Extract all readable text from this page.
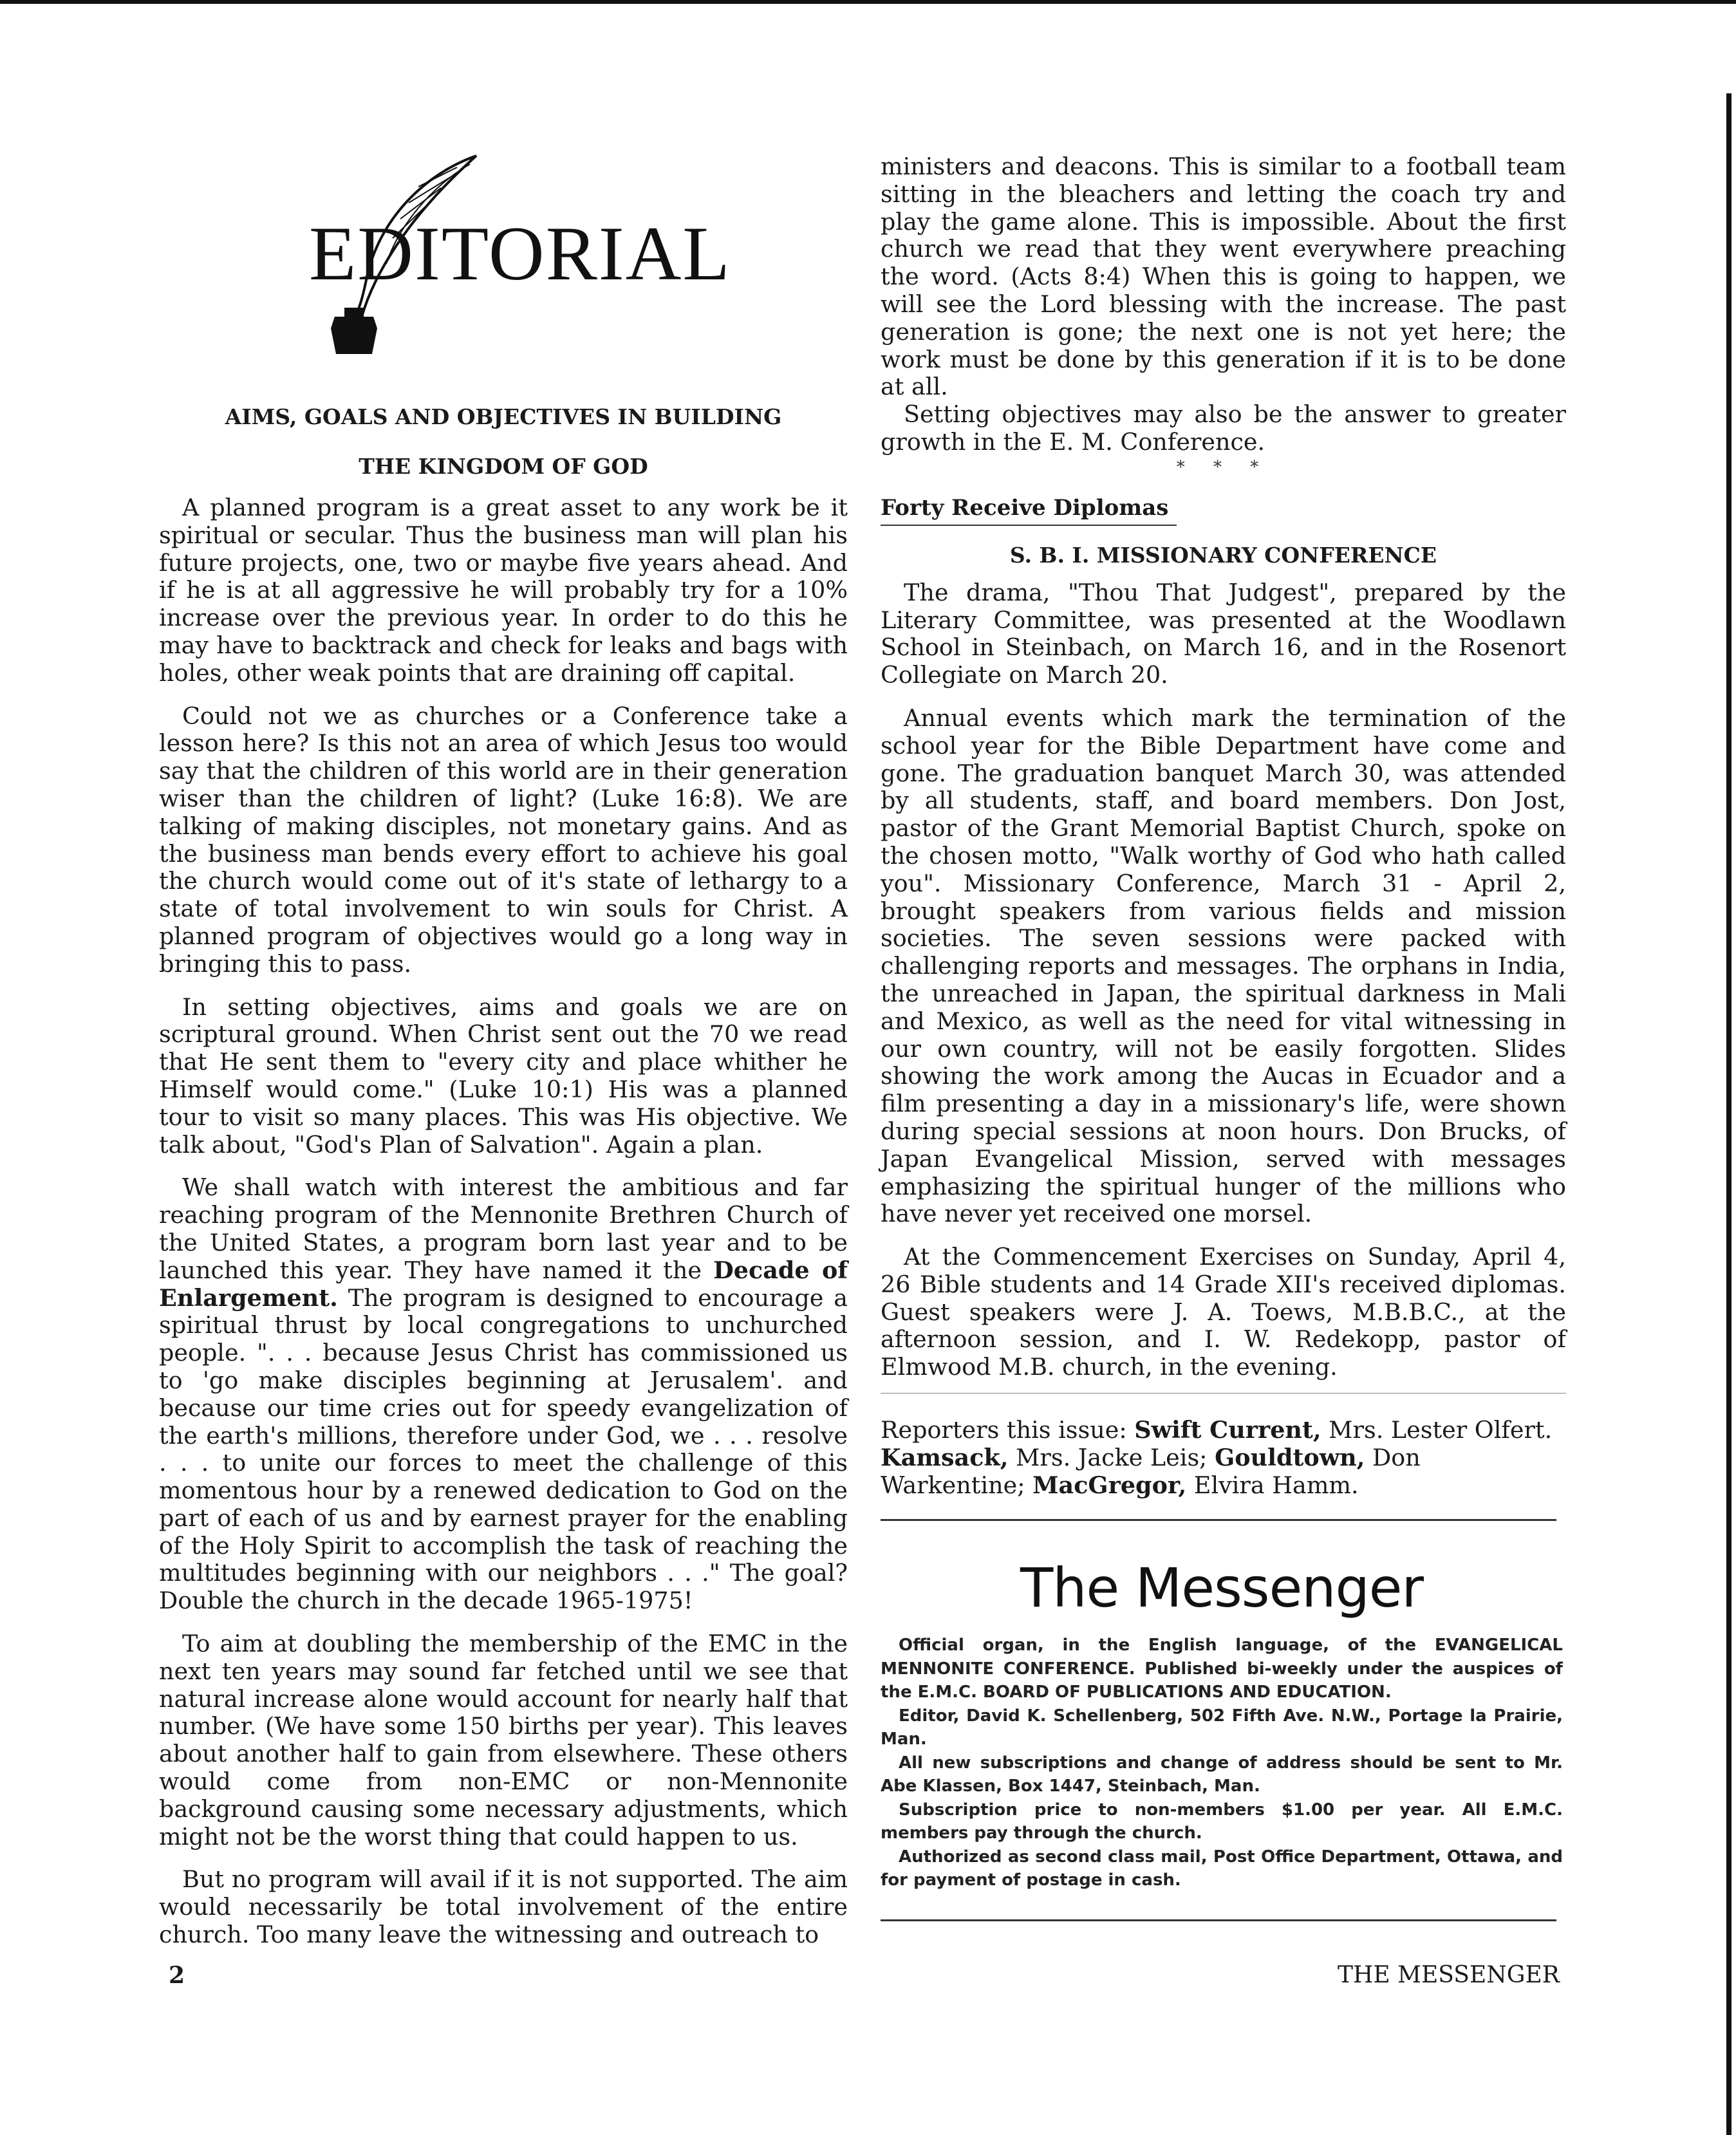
EDITORIAL

AIMS, GOALS AND OBJECTIVES IN BUILDING

THE KINGDOM OF GOD

A planned program is a great asset to any work be it spiritual or secular. Thus the business man will plan his future projects, one, two or maybe five years ahead. And if he is at all aggressive he will probably try for a 10% increase over the previous year. In order to do this he may have to backtrack and check for leaks and bags with holes, other weak points that are draining off capital.

Could not we as churches or a Conference take a lesson here? Is this not an area of which Jesus too would say that the children of this world are in their generation wiser than the children of light? (Luke 16:8). We are talking of making disciples, not monetary gains. And as the business man bends every effort to achieve his goal the church would come out of it's state of lethargy to a state of total involvement to win souls for Christ. A planned program of objectives would go a long way in bringing this to pass.

In setting objectives, aims and goals we are on scriptural ground. When Christ sent out the 70 we read that He sent them to "every city and place whither he Himself would come." (Luke 10:1) His was a planned tour to visit so many places. This was His objective. We talk about, "God's Plan of Salvation". Again a plan.

We shall watch with interest the ambitious and far reaching program of the Mennonite Brethren Church of the United States, a program born last year and to be launched this year. They have named it the Decade of Enlargement. The program is designed to encourage a spiritual thrust by local congregations to unchurched people. ". . . because Jesus Christ has commissioned us to 'go make disciples beginning at Jerusalem'. and because our time cries out for speedy evangelization of the earth's millions, therefore under God, we . . . resolve . . . to unite our forces to meet the challenge of this momentous hour by a renewed dedication to God on the part of each of us and by earnest prayer for the enabling of the Holy Spirit to accomplish the task of reaching the multitudes beginning with our neighbors . . ." The goal? Double the church in the decade 1965-1975!

To aim at doubling the membership of the EMC in the next ten years may sound far fetched until we see that natural increase alone would account for nearly half that number. (We have some 150 births per year). This leaves about another half to gain from elsewhere. These others would come from non-EMC or non-Mennonite background causing some necessary adjustments, which might not be the worst thing that could happen to us.

But no program will avail if it is not supported. The aim would necessarily be total involvement of the entire church. Too many leave the witnessing and outreach to

ministers and deacons. This is similar to a football team sitting in the bleachers and letting the coach try and play the game alone. This is impossible. About the first church we read that they went everywhere preaching the word. (Acts 8:4) When this is going to happen, we will see the Lord blessing with the increase. The past generation is gone; the next one is not yet here; the work must be done by this generation if it is to be done at all.

Setting objectives may also be the answer to greater growth in the E. M. Conference.

* * *
Forty Receive Diplomas

S. B. I. MISSIONARY CONFERENCE

The drama, "Thou That Judgest", prepared by the Literary Committee, was presented at the Woodlawn School in Steinbach, on March 16, and in the Rosenort Collegiate on March 20.

Annual events which mark the termination of the school year for the Bible Department have come and gone. The graduation banquet March 30, was attended by all students, staff, and board members. Don Jost, pastor of the Grant Memorial Baptist Church, spoke on the chosen motto, "Walk worthy of God who hath called you". Missionary Conference, March 31 - April 2, brought speakers from various fields and mission societies. The seven sessions were packed with challenging reports and messages. The orphans in India, the unreached in Japan, the spiritual darkness in Mali and Mexico, as well as the need for vital witnessing in our own country, will not be easily forgotten. Slides showing the work among the Aucas in Ecuador and a film presenting a day in a missionary's life, were shown during special sessions at noon hours. Don Brucks, of Japan Evangelical Mission, served with messages emphasizing the spiritual hunger of the millions who have never yet received one morsel.

At the Commencement Exercises on Sunday, April 4, 26 Bible students and 14 Grade XII's received diplomas. Guest speakers were J. A. Toews, M.B.B.C., at the afternoon session, and I. W. Redekopp, pastor of Elmwood M.B. church, in the evening.

Reporters this issue: Swift Current, Mrs. Lester Olfert. Kamsack, Mrs. Jacke Leis; Gouldtown, Don Warkentine; MacGregor, Elvira Hamm.

The Messenger

Official organ, in the English language, of the EVANGELICAL MENNONITE CONFERENCE. Published bi-weekly under the auspices of the E.M.C. BOARD OF PUBLICATIONS AND EDUCATION.

Editor, David K. Schellenberg, 502 Fifth Ave. N.W., Portage la Prairie, Man.

All new subscriptions and change of address should be sent to Mr. Abe Klassen, Box 1447, Steinbach, Man.

Subscription price to non-members $1.00 per year. All E.M.C. members pay through the church.

Authorized as second class mail, Post Office Department, Ottawa, and for payment of postage in cash.

2	THE MESSENGER
